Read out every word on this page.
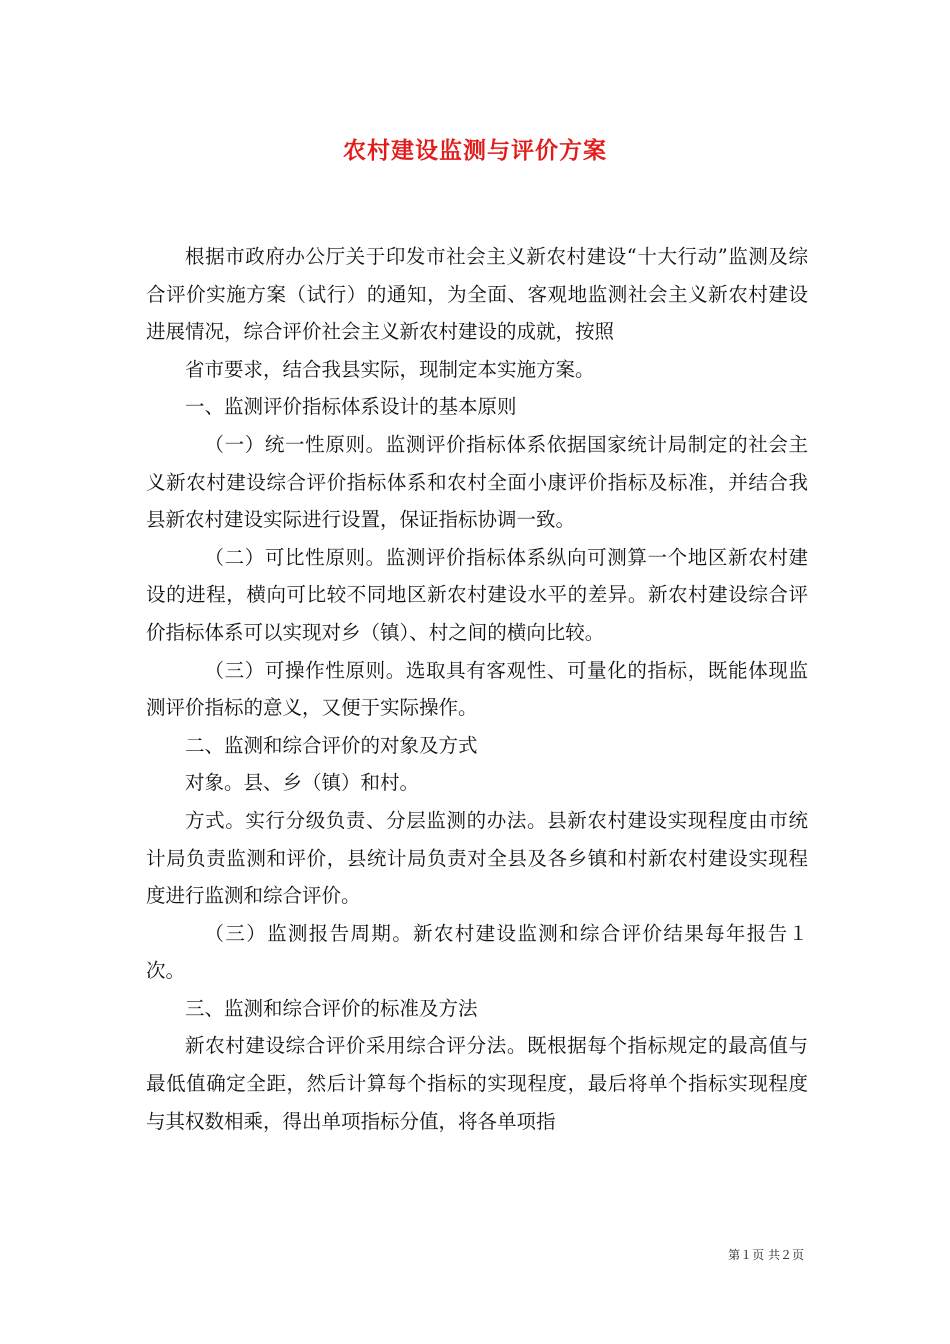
农村建设监测与评价方案

根据市政府办公厅关于印发市社会主义新农村建设“十大行动”监测及综合评价实施方案（试行）的通知，为全面、客观地监测社会主义新农村建设进展情况，综合评价社会主义新农村建设的成就，按照

省市要求，结合我县实际，现制定本实施方案。

一、监测评价指标体系设计的基本原则

（一）统一性原则。监测评价指标体系依据国家统计局制定的社会主义新农村建设综合评价指标体系和农村全面小康评价指标及标准，并结合我县新农村建设实际进行设置，保证指标协调一致。

（二）可比性原则。监测评价指标体系纵向可测算一个地区新农村建设的进程，横向可比较不同地区新农村建设水平的差异。新农村建设综合评价指标体系可以实现对乡（镇）、村之间的横向比较。

（三）可操作性原则。选取具有客观性、可量化的指标，既能体现监测评价指标的意义，又便于实际操作。

二、监测和综合评价的对象及方式

对象。县、乡（镇）和村。

方式。实行分级负责、分层监测的办法。县新农村建设实现程度由市统计局负责监测和评价，县统计局负责对全县及各乡镇和村新农村建设实现程度进行监测和综合评价。

（三）监测报告周期。新农村建设监测和综合评价结果每年报告１次。

三、监测和综合评价的标准及方法

新农村建设综合评价采用综合评分法。既根据每个指标规定的最高值与最低值确定全距，然后计算每个指标的实现程度，最后将单个指标实现程度与其权数相乘，得出单项指标分值，将各单项指

第１页 共２页
